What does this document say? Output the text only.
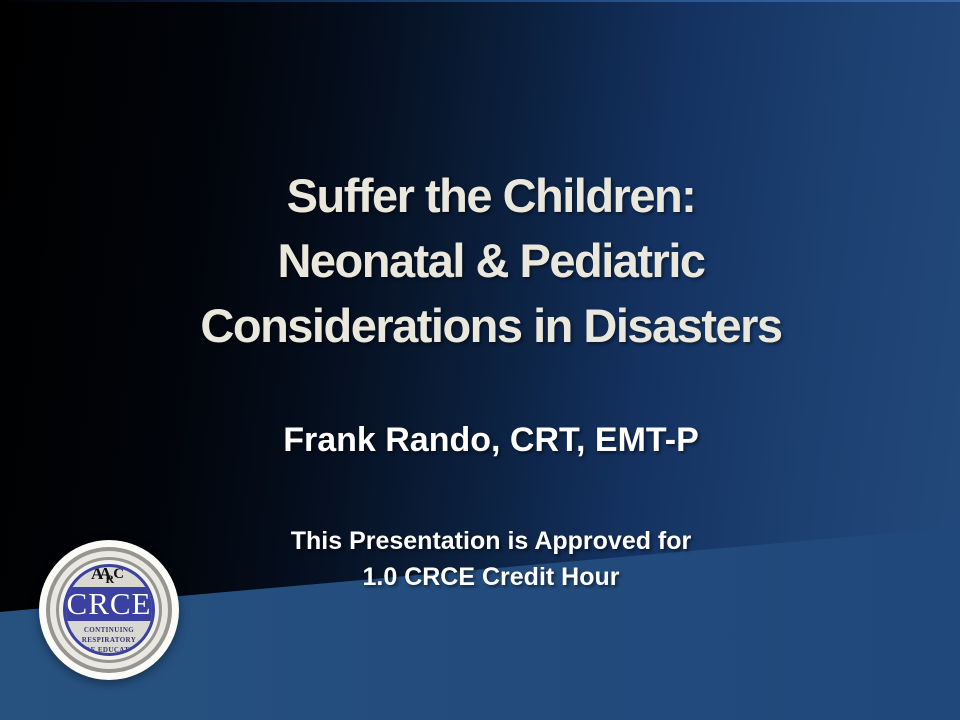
Suffer the Children:
Neonatal & Pediatric
Considerations in Disasters
Frank Rando, CRT, EMT-P
This Presentation is Approved for
1.0 CRCE Credit Hour
$AA_RC$
CRCE
CONTINUING RESPIRATORY
CARE EDUCATION
